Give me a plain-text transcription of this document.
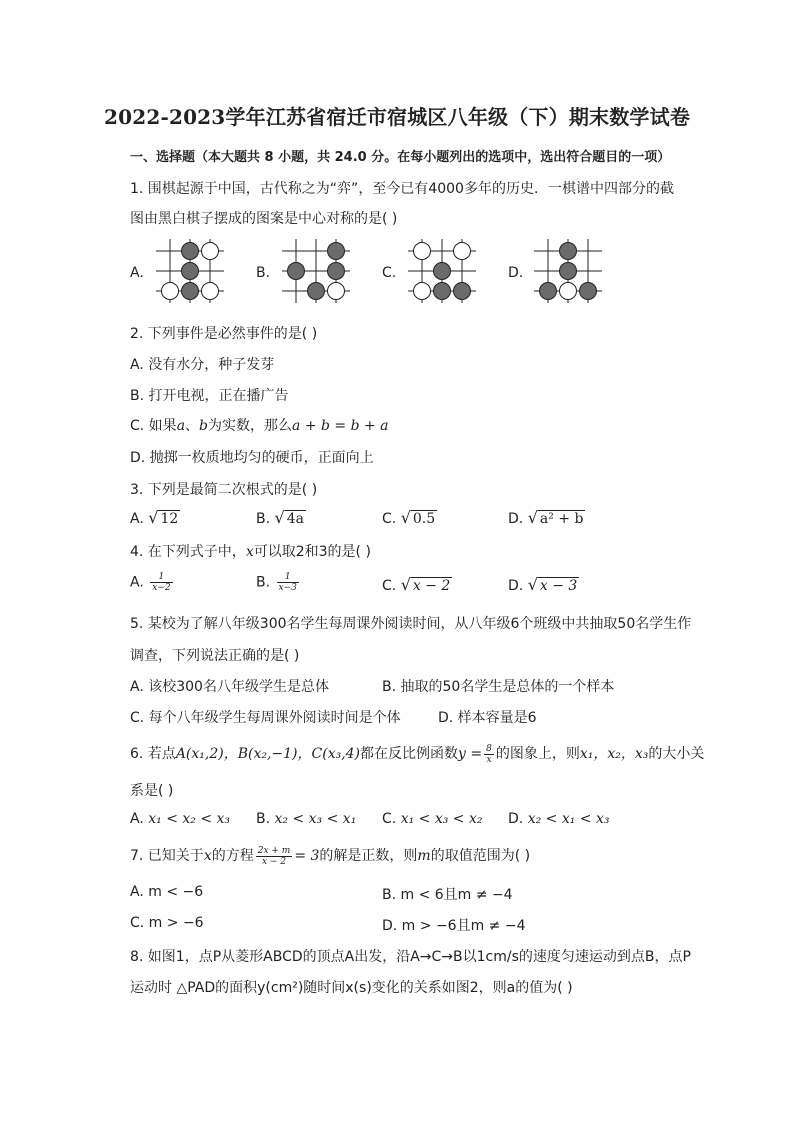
2022-2023学年江苏省宿迁市宿城区八年级（下）期末数学试卷
一、选择题（本大题共 8 小题，共 24.0 分。在每小题列出的选项中，选出符合题目的一项）
1. 围棋起源于中国，古代称之为“弈”，至今已有4000多年的历史．一棋谱中四部分的截
图由黑白棋子摆成的图案是中心对称的是( )
A.	B.	C.	D.
2. 下列事件是必然事件的是( )
A. 没有水分，种子发芽
B. 打开电视，正在播广告
C. 如果a、b为实数，那么a + b = b + a
D. 抛掷一枚质地均匀的硬币，正面向上
3. 下列是最简二次根式的是( )
A. √ 12	B. √ 4a	C. √ 0.5	D. √ a² + b
4. 在下列式子中，x可以取2和3的是( )
A. $\frac{1}{x-2}$	B. $\frac{1}{x-3}$	C. √ x − 2	D. √ x − 3
5. 某校为了解八年级300名学生每周课外阅读时间，从八年级6个班级中共抽取50名学生作
调查，下列说法正确的是( )
A. 该校300名八年级学生是总体	B. 抽取的50名学生是总体的一个样本
C. 每个八年级学生每周课外阅读时间是个体	D. 样本容量是6
6. 若点A(x₁,2)，B(x₂,−1)，C(x₃,4)都在反比例函数$y = \frac{8}{x}$ 的图象上，则x₁，x₂，x₃的大小关
系是( )
A. x₁ < x₂ < x₃ B. x₂ < x₃ < x₁ C. x₁ < x₃ < x₂ D. x₂ < x₁ < x₃
7. 已知关于x的方程 $\frac{2x + m}{x - 2} = 3$的解是正数，则m的取值范围为( )
A. m < −6	B. m < 6且m ≠ −4
C. m > −6	D. m > −6且m ≠ −4
8. 如图1，点P从菱形ABCD的顶点A出发，沿A→C→B以1cm/s的速度匀速运动到点B，点P
运动时 △PAD的面积y(cm²)随时间x(s)变化的关系如图2，则a的值为( )
